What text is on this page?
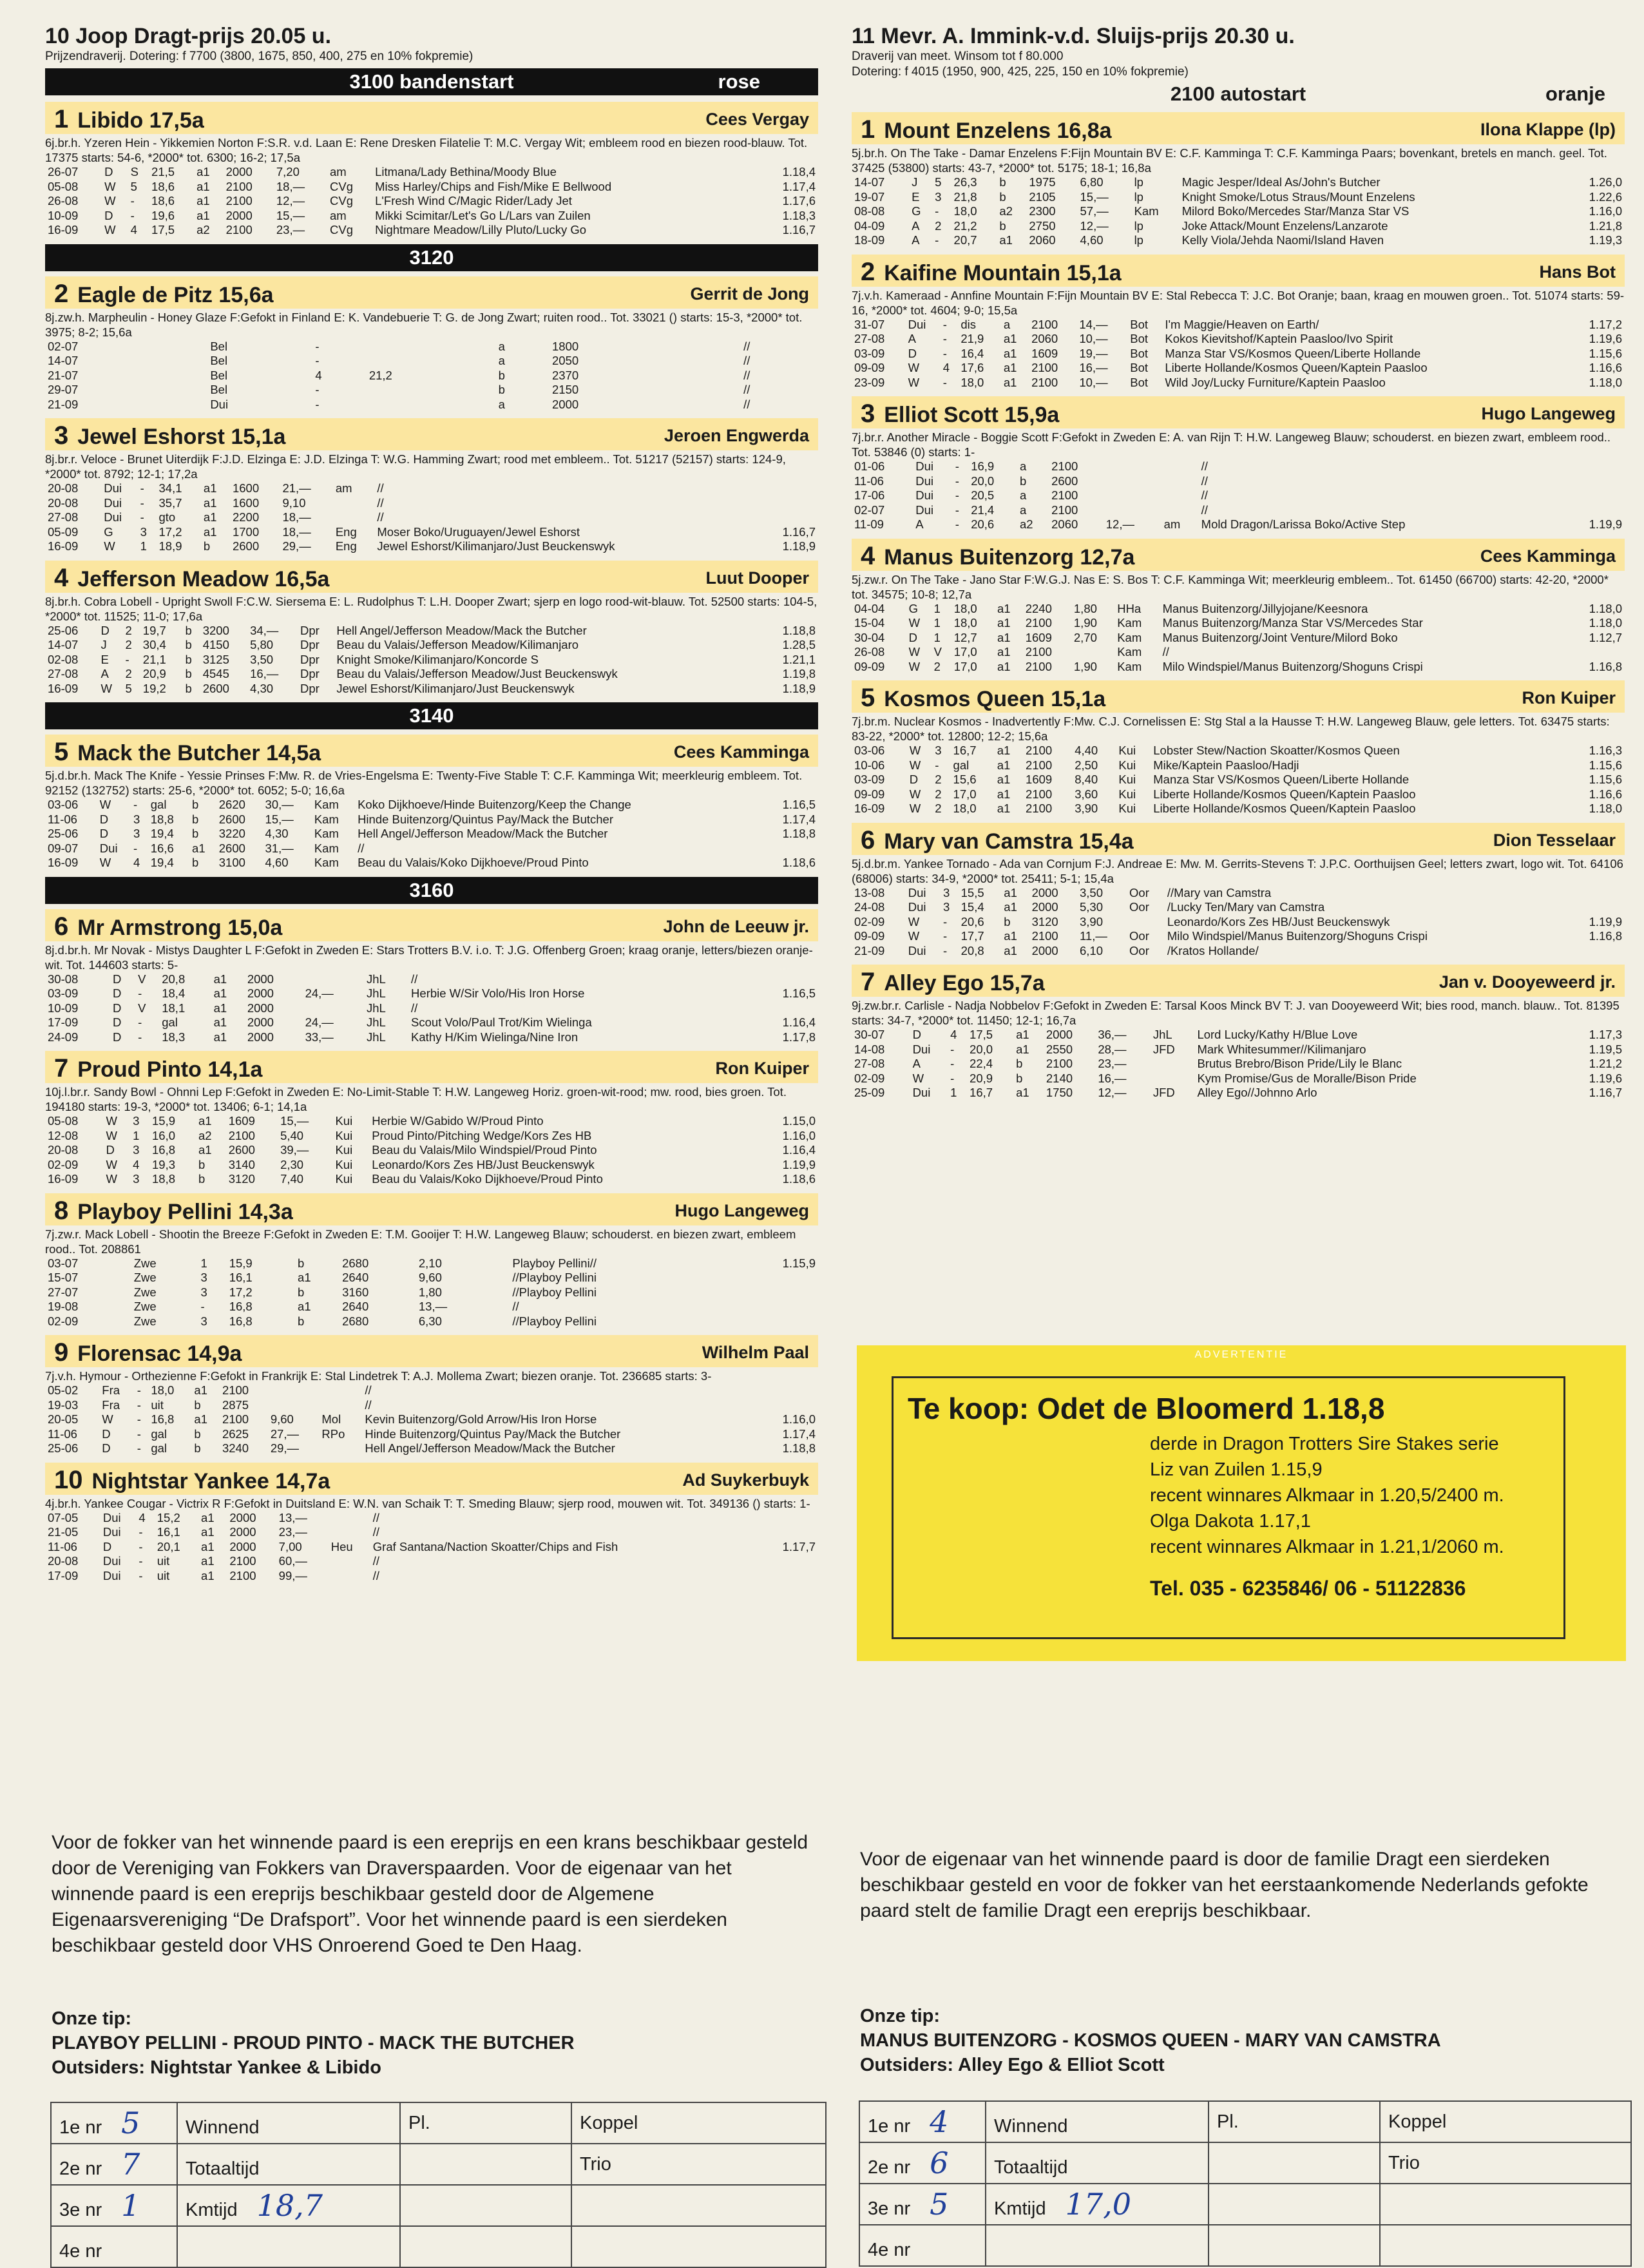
10 Joop Dragt-prijs 20.05 u.
Prijzendraverij. Dotering: f 7700 (3800, 1675, 850, 400, 275 en 10% fokpremie)
3100 bandenstart	rose
1 Libido 17,5a	Cees Vergay
6j.br.h. Yzeren Hein - Yikkemien Norton F:S.R. v.d. Laan E: Rene Dresken Filatelie T: M.C. Vergay Wit; embleem rood en biezen rood-blauw. Tot. 17375 starts: 54-6, *2000* tot. 6300; 16-2; 17,5a
26-07	D	S	21,5	a1	2000	7,20	am	Litmana/Lady Bethina/Moody Blue	1.18,4
05-08	W	5	18,6	a1	2100	18,—	CVg	Miss Harley/Chips and Fish/Mike E Bellwood	1.17,4
26-08	W	-	18,6	a1	2100	12,—	CVg	L'Fresh Wind C/Magic Rider/Lady Jet	1.17,6
10-09	D	-	19,6	a1	2000	15,—	am	Mikki Scimitar/Let's Go L/Lars van Zuilen	1.18,3
16-09	W	4	17,5	a2	2100	23,—	CVg	Nightmare Meadow/Lilly Pluto/Lucky Go	1.16,7
3120
2 Eagle de Pitz 15,6a	Gerrit de Jong
8j.zw.h. Marpheulin - Honey Glaze F:Gefokt in Finland E: K. Vandebuerie T: G. de Jong Zwart; ruiten rood.. Tot. 33021 () starts: 15-3, *2000* tot. 3975; 8-2; 15,6a
02-07	Bel	-		a	1800			//	
14-07	Bel	-		a	2050			//	
21-07	Bel	4	21,2	b	2370			//	
29-07	Bel	-		b	2150			//	
21-09	Dui	-		a	2000			//	
3 Jewel Eshorst 15,1a	Jeroen Engwerda
8j.br.r. Veloce - Brunet Uiterdijk F:J.D. Elzinga E: J.D. Elzinga T: W.G. Hamming Zwart; rood met embleem.. Tot. 51217 (52157) starts: 124-9, *2000* tot. 8792; 12-1; 17,2a
20-08	Dui	-	34,1	a1	1600	21,—	am	//	
20-08	Dui	-	35,7	a1	1600	9,10		//	
27-08	Dui	-	gto	a1	2200	18,—		//	
05-09	G	3	17,2	a1	1700	18,—	Eng	Moser Boko/Uruguayen/Jewel Eshorst	1.16,7
16-09	W	1	18,9	b	2600	29,—	Eng	Jewel Eshorst/Kilimanjaro/Just Beuckenswyk	1.18,9
4 Jefferson Meadow 16,5a	Luut Dooper
8j.br.h. Cobra Lobell - Upright Swoll F:C.W. Siersema E: L. Rudolphus T: L.H. Dooper Zwart; sjerp en logo rood-wit-blauw. Tot. 52500 starts: 104-5, *2000* tot. 11525; 11-0; 17,6a
25-06	D	2	19,7	b	3200	34,—	Dpr	Hell Angel/Jefferson Meadow/Mack the Butcher	1.18,8
14-07	J	2	30,4	b	4150	5,80	Dpr	Beau du Valais/Jefferson Meadow/Kilimanjaro	1.28,5
02-08	E	-	21,1	b	3125	3,50	Dpr	Knight Smoke/Kilimanjaro/Koncorde S	1.21,1
27-08	A	2	20,9	b	4545	16,—	Dpr	Beau du Valais/Jefferson Meadow/Just Beuckenswyk	1.19,8
16-09	W	5	19,2	b	2600	4,30	Dpr	Jewel Eshorst/Kilimanjaro/Just Beuckenswyk	1.18,9
3140
5 Mack the Butcher 14,5a	Cees Kamminga
5j.d.br.h. Mack The Knife - Yessie Prinses F:Mw. R. de Vries-Engelsma E: Twenty-Five Stable T: C.F. Kamminga Wit; meerkleurig embleem. Tot. 92152 (132752) starts: 25-6, *2000* tot. 6052; 5-0; 16,6a
03-06	W	-	gal	b	2620	30,—	Kam	Koko Dijkhoeve/Hinde Buitenzorg/Keep the Change	1.16,5
11-06	D	3	18,8	b	2600	15,—	Kam	Hinde Buitenzorg/Quintus Pay/Mack the Butcher	1.17,4
25-06	D	3	19,4	b	3220	4,30	Kam	Hell Angel/Jefferson Meadow/Mack the Butcher	1.18,8
09-07	Dui	-	16,6	a1	2600	31,—	Kam	//	
16-09	W	4	19,4	b	3100	4,60	Kam	Beau du Valais/Koko Dijkhoeve/Proud Pinto	1.18,6
3160
6 Mr Armstrong 15,0a	John de Leeuw jr.
8j.d.br.h. Mr Novak - Mistys Daughter L F:Gefokt in Zweden E: Stars Trotters B.V. i.o. T: J.G. Offenberg Groen; kraag oranje, letters/biezen oranje-wit. Tot. 144603 starts: 5-
30-08	D	V	20,8	a1	2000		JhL	//	
03-09	D	-	18,4	a1	2000	24,—	JhL	Herbie W/Sir Volo/His Iron Horse	1.16,5
10-09	D	V	18,1	a1	2000		JhL	//	
17-09	D	-	gal	a1	2000	24,—	JhL	Scout Volo/Paul Trot/Kim Wielinga	1.16,4
24-09	D	-	18,3	a1	2000	33,—	JhL	Kathy H/Kim Wielinga/Nine Iron	1.17,8
7 Proud Pinto 14,1a	Ron Kuiper
10j.l.br.r. Sandy Bowl - Ohnni Lep F:Gefokt in Zweden E: No-Limit-Stable T: H.W. Langeweg Horiz. groen-wit-rood; mw. rood, bies groen. Tot. 194180 starts: 19-3, *2000* tot. 13406; 6-1; 14,1a
05-08	W	3	15,9	a1	1609	15,—	Kui	Herbie W/Gabido W/Proud Pinto	1.15,0
12-08	W	1	16,0	a2	2100	5,40	Kui	Proud Pinto/Pitching Wedge/Kors Zes HB	1.16,0
20-08	D	3	16,8	a1	2600	39,—	Kui	Beau du Valais/Milo Windspiel/Proud Pinto	1.16,4
02-09	W	4	19,3	b	3140	2,30	Kui	Leonardo/Kors Zes HB/Just Beuckenswyk	1.19,9
16-09	W	3	18,8	b	3120	7,40	Kui	Beau du Valais/Koko Dijkhoeve/Proud Pinto	1.18,6
8 Playboy Pellini 14,3a	Hugo Langeweg
7j.zw.r. Mack Lobell - Shootin the Breeze F:Gefokt in Zweden E: T.M. Gooijer T: H.W. Langeweg Blauw; schouderst. en biezen zwart, embleem rood.. Tot. 208861
03-07	Zwe	1	15,9	b	2680	2,10		Playboy Pellini//	1.15,9
15-07	Zwe	3	16,1	a1	2640	9,60		//Playboy Pellini	
27-07	Zwe	3	17,2	b	3160	1,80		//Playboy Pellini	
19-08	Zwe	-	16,8	a1	2640	13,—		//	
02-09	Zwe	3	16,8	b	2680	6,30		//Playboy Pellini	
9 Florensac 14,9a	Wilhelm Paal
7j.v.h. Hymour - Orthezienne F:Gefokt in Frankrijk E: Stal Lindetrek T: A.J. Mollema Zwart; biezen oranje. Tot. 236685 starts: 3-
05-02	Fra	-	18,0	a1	2100			//	
19-03	Fra	-	uit	b	2875			//	
20-05	W	-	16,8	a1	2100	9,60	Mol	Kevin Buitenzorg/Gold Arrow/His Iron Horse	1.16,0
11-06	D	-	gal	b	2625	27,—	RPo	Hinde Buitenzorg/Quintus Pay/Mack the Butcher	1.17,4
25-06	D	-	gal	b	3240	29,—		Hell Angel/Jefferson Meadow/Mack the Butcher	1.18,8
10 Nightstar Yankee 14,7a	Ad Suykerbuyk
4j.br.h. Yankee Cougar - Victrix R F:Gefokt in Duitsland E: W.N. van Schaik T: T. Smeding Blauw; sjerp rood, mouwen wit. Tot. 349136 () starts: 1-
07-05	Dui	4	15,2	a1	2000	13,—		//	
21-05	Dui	-	16,1	a1	2000	23,—		//	
11-06	D	-	20,1	a1	2000	7,00	Heu	Graf Santana/Naction Skoatter/Chips and Fish	1.17,7
20-08	Dui	-	uit	a1	2100	60,—		//	
17-09	Dui	-	uit	a1	2100	99,—		//	
11 Mevr. A. Immink-v.d. Sluijs-prijs 20.30 u.
Draverij van meet. Winsom tot f 80.000
Dotering: f 4015 (1950, 900, 425, 225, 150 en 10% fokpremie)
2100 autostart	oranje
1 Mount Enzelens 16,8a	Ilona Klappe (lp)
5j.br.h. On The Take - Damar Enzelens F:Fijn Mountain BV E: C.F. Kamminga T: C.F. Kamminga Paars; bovenkant, bretels en manch. geel. Tot. 37425 (53800) starts: 43-7, *2000* tot. 5175; 18-1; 16,8a
14-07	J	5	26,3	b	1975	6,80	lp	Magic Jesper/Ideal As/John's Butcher	1.26,0
19-07	E	3	21,8	b	2105	15,—	lp	Knight Smoke/Lotus Straus/Mount Enzelens	1.22,6
08-08	G	-	18,0	a2	2300	57,—	Kam	Milord Boko/Mercedes Star/Manza Star VS	1.16,0
04-09	A	2	21,2	b	2750	12,—	lp	Joke Attack/Mount Enzelens/Lanzarote	1.21,8
18-09	A	-	20,7	a1	2060	4,60	lp	Kelly Viola/Jehda Naomi/Island Haven	1.19,3
2 Kaifine Mountain 15,1a	Hans Bot
7j.v.h. Kameraad - Annfine Mountain F:Fijn Mountain BV E: Stal Rebecca T: J.C. Bot Oranje; baan, kraag en mouwen groen.. Tot. 51074 starts: 59-16, *2000* tot. 4604; 9-0; 15,5a
31-07	Dui	-	dis	a	2100	14,—	Bot	I'm Maggie/Heaven on Earth/	1.17,2
27-08	A	-	21,9	a1	2060	10,—	Bot	Kokos Kievitshof/Kaptein Paasloo/Ivo Spirit	1.19,6
03-09	D	-	16,4	a1	1609	19,—	Bot	Manza Star VS/Kosmos Queen/Liberte Hollande	1.15,6
09-09	W	4	17,6	a1	2100	16,—	Bot	Liberte Hollande/Kosmos Queen/Kaptein Paasloo	1.16,6
23-09	W	-	18,0	a1	2100	10,—	Bot	Wild Joy/Lucky Furniture/Kaptein Paasloo	1.18,0
3 Elliot Scott 15,9a	Hugo Langeweg
7j.br.r. Another Miracle - Boggie Scott F:Gefokt in Zweden E: A. van Rijn T: H.W. Langeweg Blauw; schouderst. en biezen zwart, embleem rood.. Tot. 53846 (0) starts: 1-
01-06	Dui	-	16,9	a	2100			//	
11-06	Dui	-	20,0	b	2600			//	
17-06	Dui	-	20,5	a	2100			//	
02-07	Dui	-	21,4	a	2100			//	
11-09	A	-	20,6	a2	2060	12,—	am	Mold Dragon/Larissa Boko/Active Step	1.19,9
4 Manus Buitenzorg 12,7a	Cees Kamminga
5j.zw.r. On The Take - Jano Star F:W.G.J. Nas E: S. Bos T: C.F. Kamminga Wit; meerkleurig embleem.. Tot. 61450 (66700) starts: 42-20, *2000* tot. 34575; 10-8; 12,7a
04-04	G	1	18,0	a1	2240	1,80	HHa	Manus Buitenzorg/Jillyjojane/Keesnora	1.18,0
15-04	W	1	18,0	a1	2100	1,90	Kam	Manus Buitenzorg/Manza Star VS/Mercedes Star	1.18,0
30-04	D	1	12,7	a1	1609	2,70	Kam	Manus Buitenzorg/Joint Venture/Milord Boko	1.12,7
26-08	W	V	17,0	a1	2100		Kam	//	
09-09	W	2	17,0	a1	2100	1,90	Kam	Milo Windspiel/Manus Buitenzorg/Shoguns Crispi	1.16,8
5 Kosmos Queen 15,1a	Ron Kuiper
7j.br.m. Nuclear Kosmos - Inadvertently F:Mw. C.J. Cornelissen E: Stg Stal a la Hausse T: H.W. Langeweg Blauw, gele letters. Tot. 63475 starts: 83-22, *2000* tot. 12800; 12-2; 15,6a
03-06	W	3	16,7	a1	2100	4,40	Kui	Lobster Stew/Naction Skoatter/Kosmos Queen	1.16,3
10-06	W	-	gal	a1	2100	2,50	Kui	Mike/Kaptein Paasloo/Hadji	1.15,6
03-09	D	2	15,6	a1	1609	8,40	Kui	Manza Star VS/Kosmos Queen/Liberte Hollande	1.15,6
09-09	W	2	17,0	a1	2100	3,60	Kui	Liberte Hollande/Kosmos Queen/Kaptein Paasloo	1.16,6
16-09	W	2	18,0	a1	2100	3,90	Kui	Liberte Hollande/Kosmos Queen/Kaptein Paasloo	1.18,0
6 Mary van Camstra 15,4a	Dion Tesselaar
5j.d.br.m. Yankee Tornado - Ada van Cornjum F:J. Andreae E: Mw. M. Gerrits-Stevens T: J.P.C. Oorthuijsen Geel; letters zwart, logo wit. Tot. 64106 (68006) starts: 34-9, *2000* tot. 25411; 5-1; 15,4a
13-08	Dui	3	15,5	a1	2000	3,50	Oor	//Mary van Camstra	
24-08	Dui	3	15,4	a1	2000	5,30	Oor	/Lucky Ten/Mary van Camstra	
02-09	W	-	20,6	b	3120	3,90		Leonardo/Kors Zes HB/Just Beuckenswyk	1.19,9
09-09	W	-	17,7	a1	2100	11,—	Oor	Milo Windspiel/Manus Buitenzorg/Shoguns Crispi	1.16,8
21-09	Dui	-	20,8	a1	2000	6,10	Oor	/Kratos Hollande/	
7 Alley Ego 15,7a	Jan v. Dooyeweerd jr.
9j.zw.br.r. Carlisle - Nadja Nobbelov F:Gefokt in Zweden E: Tarsal Koos Minck BV T: J. van Dooyeweerd Wit; bies rood, manch. blauw.. Tot. 81395 starts: 34-7, *2000* tot. 11450; 12-1; 16,7a
30-07	D	4	17,5	a1	2000	36,—	JhL	Lord Lucky/Kathy H/Blue Love	1.17,3
14-08	Dui	-	20,0	a1	2550	28,—	JFD	Mark Whitesummer//Kilimanjaro	1.19,5
27-08	A	-	22,4	b	2100	23,—		Brutus Brebro/Bison Pride/Lily le Blanc	1.21,2
02-09	W	-	20,9	b	2140	16,—		Kym Promise/Gus de Moralle/Bison Pride	1.19,6
25-09	Dui	1	16,7	a1	1750	12,—	JFD	Alley Ego//Johnno Arlo	1.16,7
ADVERTENTIE
Te koop: Odet de Bloomerd 1.18,8
derde in Dragon Trotters Sire Stakes serie
Liz van Zuilen 1.15,9
recent winnares Alkmaar in 1.20,5/2400 m.
Olga Dakota 1.17,1
recent winnares Alkmaar in 1.21,1/2060 m.
Tel. 035 - 6235846/ 06 - 51122836
Voor de fokker van het winnende paard is een ereprijs en een krans beschikbaar gesteld door de Vereniging van Fokkers van Draverspaarden. Voor de eigenaar van het winnende paard is een ereprijs beschikbaar gesteld door de Algemene Eigenaarsvereniging “De Drafsport”. Voor het winnende paard is een sierdeken beschikbaar gesteld door VHS Onroerend Goed te Den Haag.
Voor de eigenaar van het winnende paard is door de familie Dragt een sierdeken beschikbaar gesteld en voor de fokker van het eerstaankomende Nederlands gefokte paard stelt de familie Dragt een ereprijs beschikbaar.
Onze tip:
PLAYBOY PELLINI - PROUD PINTO - MACK THE BUTCHER
Outsiders: Nightstar Yankee & Libido
Onze tip:
MANUS BUITENZORG - KOSMOS QUEEN - MARY VAN CAMSTRA
Outsiders: Alley Ego & Elliot Scott
1e nr 5	Winnend	Pl.	Koppel
2e nr 7	Totaaltijd		Trio
3e nr 1	Kmtijd 18,7		
4e nr			
1e nr 4	Winnend	Pl.	Koppel
2e nr 6	Totaaltijd		Trio
3e nr 5	Kmtijd 17,0		
4e nr			
